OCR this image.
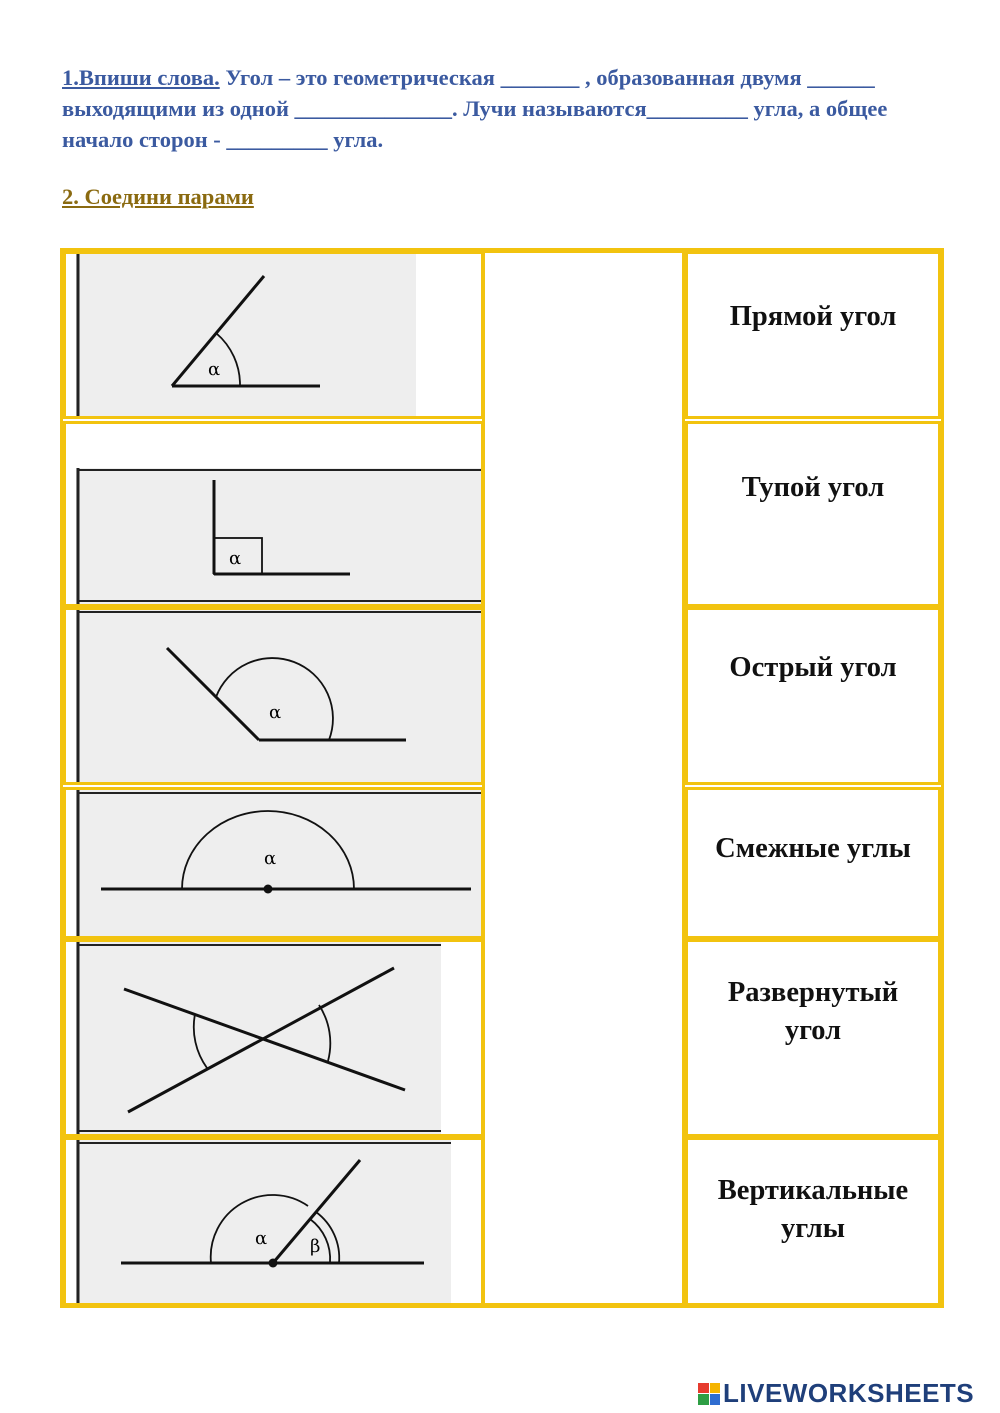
1.Впиши слова. Угол – это геометрическая _______ , образованная двумя ______ выходящими из одной ______________. Лучи называются_________ угла, а общее начало сторон - _________ угла.
2. Соедини парами
α
α
α
α
α β
Прямой угол
Тупой угол
Острый угол
Смежные углы
Развернутый угол
Вертикальные углы
LIVEWORKSHEETS
